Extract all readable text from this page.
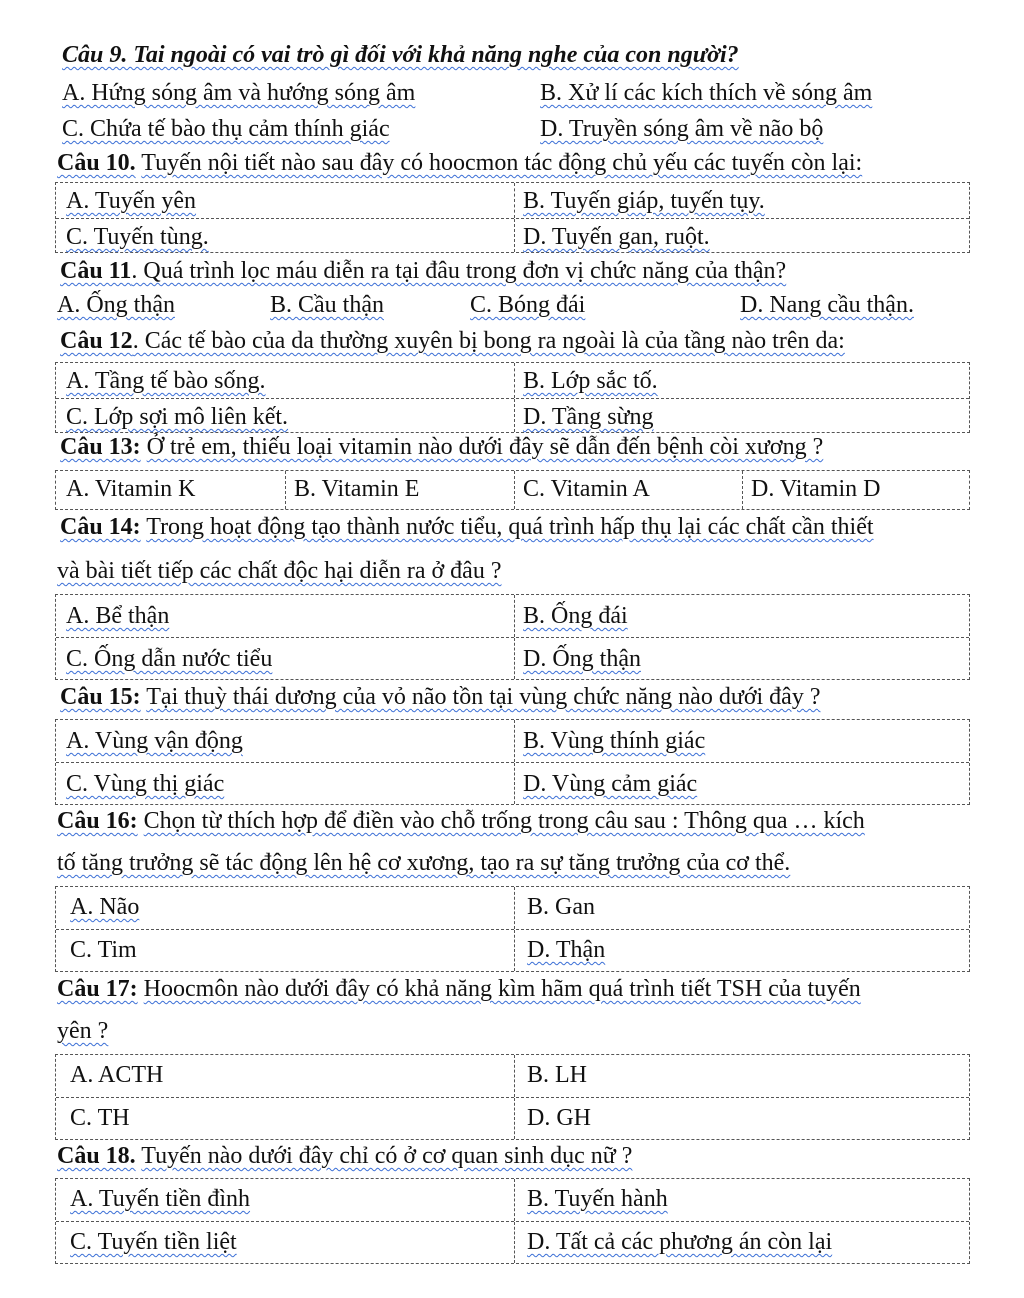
Câu 9. Tai ngoài có vai trò gì đối với khả năng nghe của con người?
A. Hứng sóng âm và hướng sóng âm	B. Xử lí các kích thích về sóng âm
C. Chứa tế bào thụ cảm thính giác	D. Truyền sóng âm về não bộ
Câu 10. Tuyến nội tiết nào sau đây có hoocmon tác động chủ yếu các tuyến còn lại:
A. Tuyến yên	B. Tuyến giáp, tuyến tụy.
C. Tuyến tùng.	D. Tuyến gan, ruột.
Câu 11. Quá trình lọc máu diễn ra tại đâu trong đơn vị chức năng của thận?
A. Ống thận	B. Cầu thận	C. Bóng đái	D. Nang cầu thận.
Câu 12. Các tế bào của da thường xuyên bị bong ra ngoài là của tầng nào trên da:
A. Tầng tế bào sống.	B. Lớp sắc tố.
C. Lớp sợi mô liên kết.	D. Tầng sừng
Câu 13: Ở trẻ em, thiếu loại vitamin nào dưới đây sẽ dẫn đến bệnh còi xương ?
A. Vitamin K	B. Vitamin E	C. Vitamin A	D. Vitamin D
Câu 14: Trong hoạt động tạo thành nước tiểu, quá trình hấp thụ lại các chất cần thiết
và bài tiết tiếp các chất độc hại diễn ra ở đâu ?
A. Bể thận	B. Ống đái
C. Ống dẫn nước tiểu	D. Ống thận
Câu 15: Tại thuỳ thái dương của vỏ não tồn tại vùng chức năng nào dưới đây ?
A. Vùng vận động	B. Vùng thính giác
C. Vùng thị giác	D. Vùng cảm giác
Câu 16: Chọn từ thích hợp để điền vào chỗ trống trong câu sau : Thông qua … kích
tố tăng trưởng sẽ tác động lên hệ cơ xương, tạo ra sự tăng trưởng của cơ thể.
A. Não	B. Gan
C. Tim	D. Thận
Câu 17: Hoocmôn nào dưới đây có khả năng kìm hãm quá trình tiết TSH của tuyến
yên ?
A. ACTH	B. LH
C. TH	D. GH
Câu 18. Tuyến nào dưới đây chỉ có ở cơ quan sinh dục nữ ?
A. Tuyến tiền đình	B. Tuyến hành
C. Tuyến tiền liệt	D. Tất cả các phương án còn lại
